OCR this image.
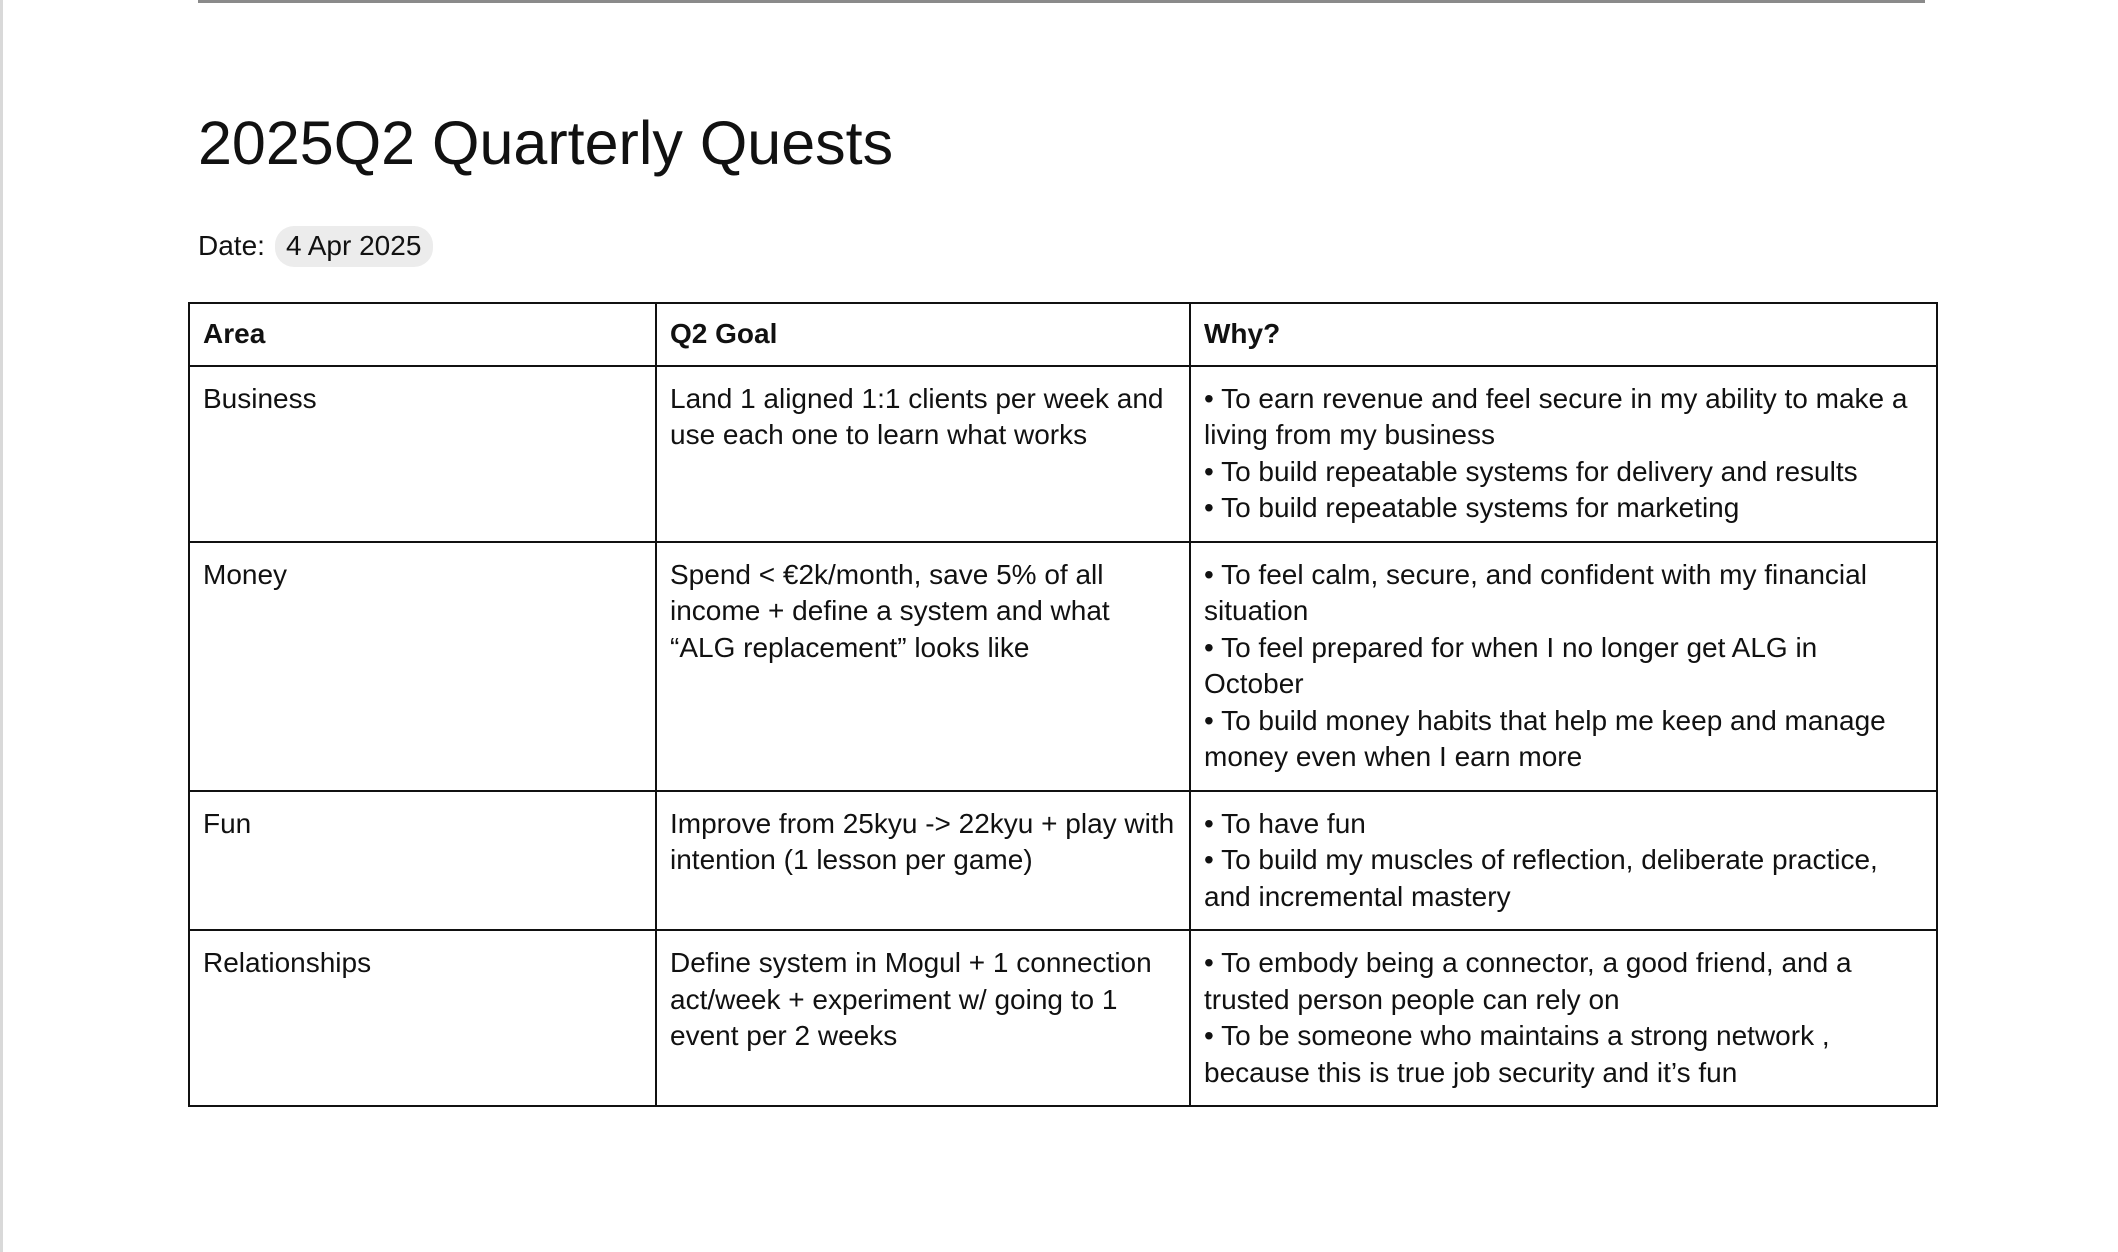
2025Q2 Quarterly Quests
Date: 4 Apr 2025
Area	Q2 Goal	Why?
Business	Land 1 aligned 1:1 clients per week and use each one to learn what works	• To earn revenue and feel secure in my ability to make a living from my business
• To build repeatable systems for delivery and results
• To build repeatable systems for marketing

Money	Spend < €2k/month, save 5% of all income + define a system and what “ALG replacement” looks like	• To feel calm, secure, and confident with my financial situation
• To feel prepared for when I no longer get ALG in October
• To build money habits that help me keep and manage money even when I earn more

Fun	Improve from 25kyu -> 22kyu + play with intention (1 lesson per game)	• To have fun
• To build my muscles of reflection, deliberate practice, and incremental mastery

Relationships	Define system in Mogul + 1 connection act/week + experiment w/ going to 1 event per 2 weeks	• To embody being a connector, a good friend, and a trusted person people can rely on
• To be someone who maintains a strong network , because this is true job security and it’s fun
